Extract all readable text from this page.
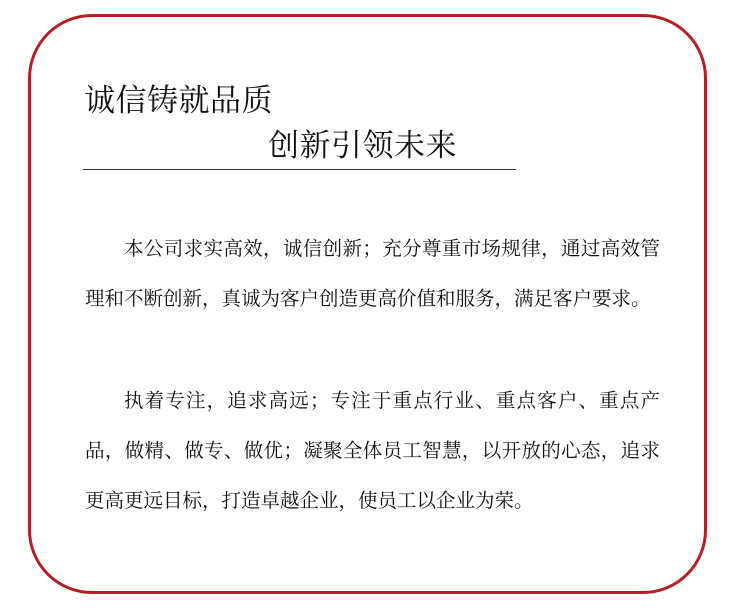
诚信铸就品质
创新引领未来

本公司求实高效，诚信创新；充分尊重市场规律，通过高效管理和不断创新，真诚为客户创造更高价值和服务，满足客户要求。

执着专注，追求高远；专注于重点行业、重点客户、重点产品，做精、做专、做优；凝聚全体员工智慧，以开放的心态，追求更高更远目标，打造卓越企业，使员工以企业为荣。
